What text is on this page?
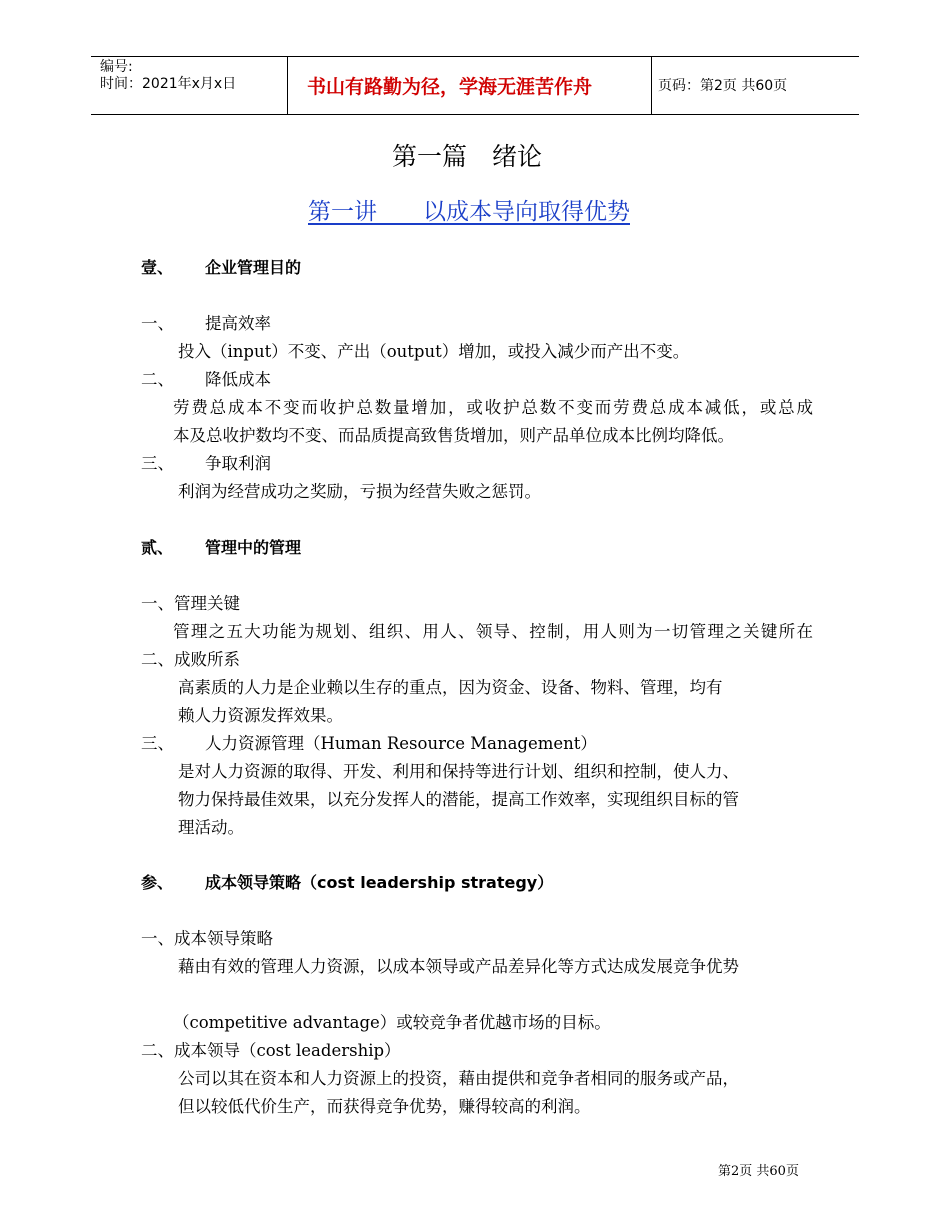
编号:
时间：2021年x月x日	书山有路勤为径，学海无涯苦作舟	页码：第2页 共60页
第一篇　绪论
第一讲　　以成本导向取得优势
壹、 企业管理目的
一、 提高效率
投入（input）不变、产出（output）增加，或投入减少而产出不变。
二、 降低成本
劳费总成本不变而收护总数量增加，或收护总数不变而劳费总成本减低，或总成
本及总收护数均不变、而品质提高致售货增加，则产品单位成本比例均降低。
三、 争取利润
利润为经营成功之奖励，亏损为经营失败之惩罚。
贰、 管理中的管理
一、管理关键
管理之五大功能为规划、组织、用人、领导、控制，用人则为一切管理之关键所在
二、成败所系
高素质的人力是企业赖以生存的重点，因为资金、设备、物料、管理，均有
赖人力资源发挥效果。
三、 人力资源管理（Human Resource Management）
是对人力资源的取得、开发、利用和保持等进行计划、组织和控制，使人力、
物力保持最佳效果，以充分发挥人的潜能，提高工作效率，实现组织目标的管
理活动。
参、 成本领导策略（cost leadership strategy）
一、成本领导策略
藉由有效的管理人力资源，以成本领导或产品差异化等方式达成发展竞争优势
（competitive advantage）或较竞争者优越市场的目标。
二、成本领导（cost leadership）
公司以其在资本和人力资源上的投资，藉由提供和竞争者相同的服务或产品，
但以较低代价生产，而获得竞争优势，赚得较高的利润。
第2页 共60页
